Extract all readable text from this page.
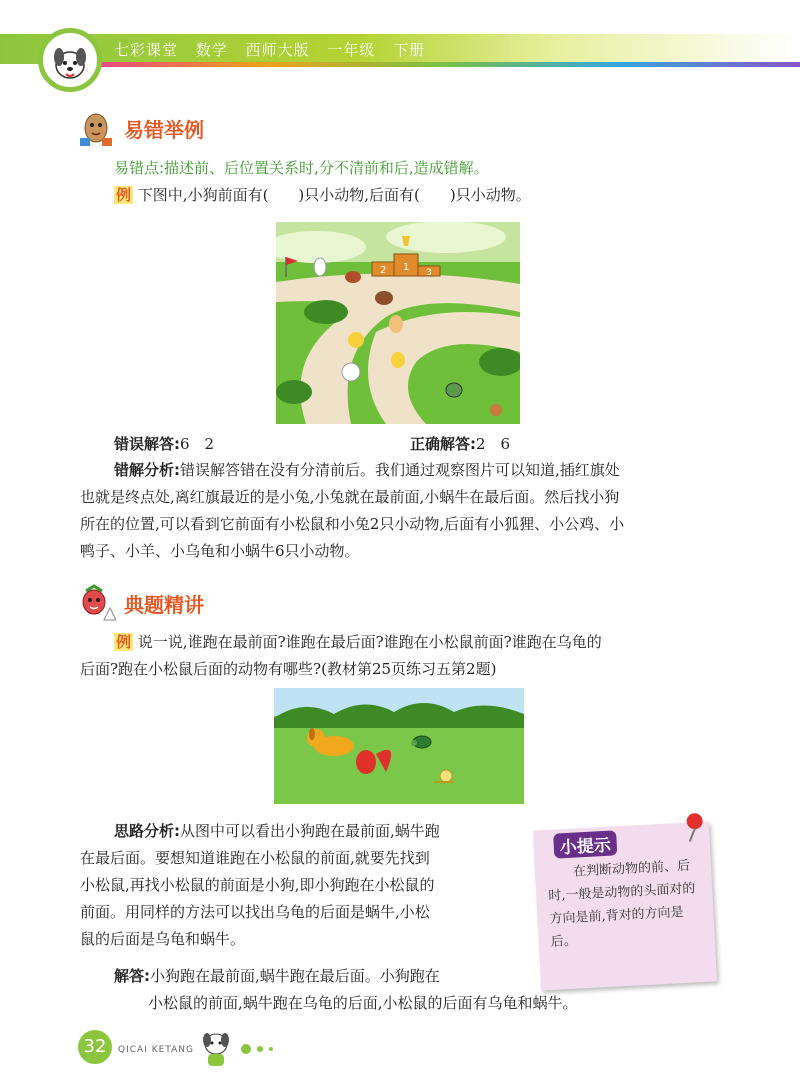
七彩课堂 数学 西师大版 一年级 下册
易错举例
易错点:描述前、后位置关系时,分不清前和后,造成错解。
例 下图中,小狗前面有(　　)只小动物,后面有(　　)只小动物。
1
2	3
错误解答:6　2	正确解答:2　6
错解分析:错误解答错在没有分清前后。我们通过观察图片可以知道,插红旗处
也就是终点处,离红旗最近的是小兔,小兔就在最前面,小蜗牛在最后面。然后找小狗
所在的位置,可以看到它前面有小松鼠和小兔2只小动物,后面有小狐狸、小公鸡、小
鸭子、小羊、小乌龟和小蜗牛6只小动物。
典题精讲
例 说一说,谁跑在最前面?谁跑在最后面?谁跑在小松鼠前面?谁跑在乌龟的
后面?跑在小松鼠后面的动物有哪些?(教材第25页练习五第2题)
思路分析:从图中可以看出小狗跑在最前面,蜗牛跑
在最后面。要想知道谁跑在小松鼠的前面,就要先找到
小松鼠,再找小松鼠的前面是小狗,即小狗跑在小松鼠的
前面。用同样的方法可以找出乌龟的后面是蜗牛,小松
鼠的后面是乌龟和蜗牛。
解答:小狗跑在最前面,蜗牛跑在最后面。小狗跑在
小松鼠的前面,蜗牛跑在乌龟的后面,小松鼠的后面有乌龟和蜗牛。
小提示
在判断动物的前、后时,一般是动物的头面对的方向是前,背对的方向是后。
32	QICAI KETANG
